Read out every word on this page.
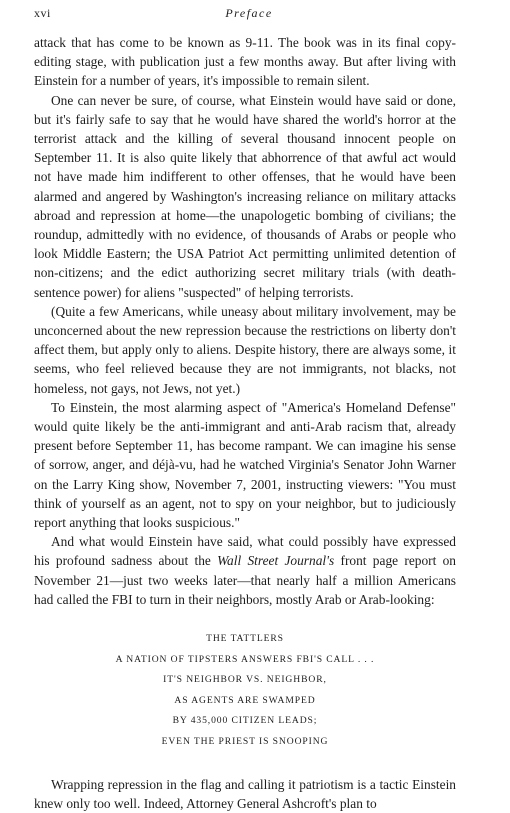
xvi	Preface

attack that has come to be known as 9-11. The book was in its final copy-editing stage, with publication just a few months away. But after living with Einstein for a number of years, it's impossible to remain silent.

One can never be sure, of course, what Einstein would have said or done, but it's fairly safe to say that he would have shared the world's horror at the terrorist attack and the killing of several thousand innocent people on September 11. It is also quite likely that abhorrence of that awful act would not have made him indifferent to other offenses, that he would have been alarmed and angered by Washington's increasing reliance on military attacks abroad and repression at home—the unapologetic bombing of civilians; the roundup, admittedly with no evidence, of thousands of Arabs or people who look Middle Eastern; the USA Patriot Act permitting unlimited detention of non-citizens; and the edict authorizing secret military trials (with death-sentence power) for aliens "suspected" of helping terrorists.

(Quite a few Americans, while uneasy about military involvement, may be unconcerned about the new repression because the restrictions on liberty don't affect them, but apply only to aliens. Despite history, there are always some, it seems, who feel relieved because they are not immigrants, not blacks, not homeless, not gays, not Jews, not yet.)

To Einstein, the most alarming aspect of "America's Homeland Defense" would quite likely be the anti-immigrant and anti-Arab racism that, already present before September 11, has become rampant. We can imagine his sense of sorrow, anger, and déjà-vu, had he watched Virginia's Senator John Warner on the Larry King show, November 7, 2001, instructing viewers: "You must think of yourself as an agent, not to spy on your neighbor, but to judiciously report anything that looks suspicious."

And what would Einstein have said, what could possibly have expressed his profound sadness about the Wall Street Journal's front page report on November 21—just two weeks later—that nearly half a million Americans had called the FBI to turn in their neighbors, mostly Arab or Arab-looking:

THE TATTLERS
A NATION OF TIPSTERS ANSWERS FBI'S CALL . . .
IT'S NEIGHBOR VS. NEIGHBOR,
AS AGENTS ARE SWAMPED
BY 435,000 CITIZEN LEADS;
EVEN THE PRIEST IS SNOOPING

Wrapping repression in the flag and calling it patriotism is a tactic Einstein knew only too well. Indeed, Attorney General Ashcroft's plan to
